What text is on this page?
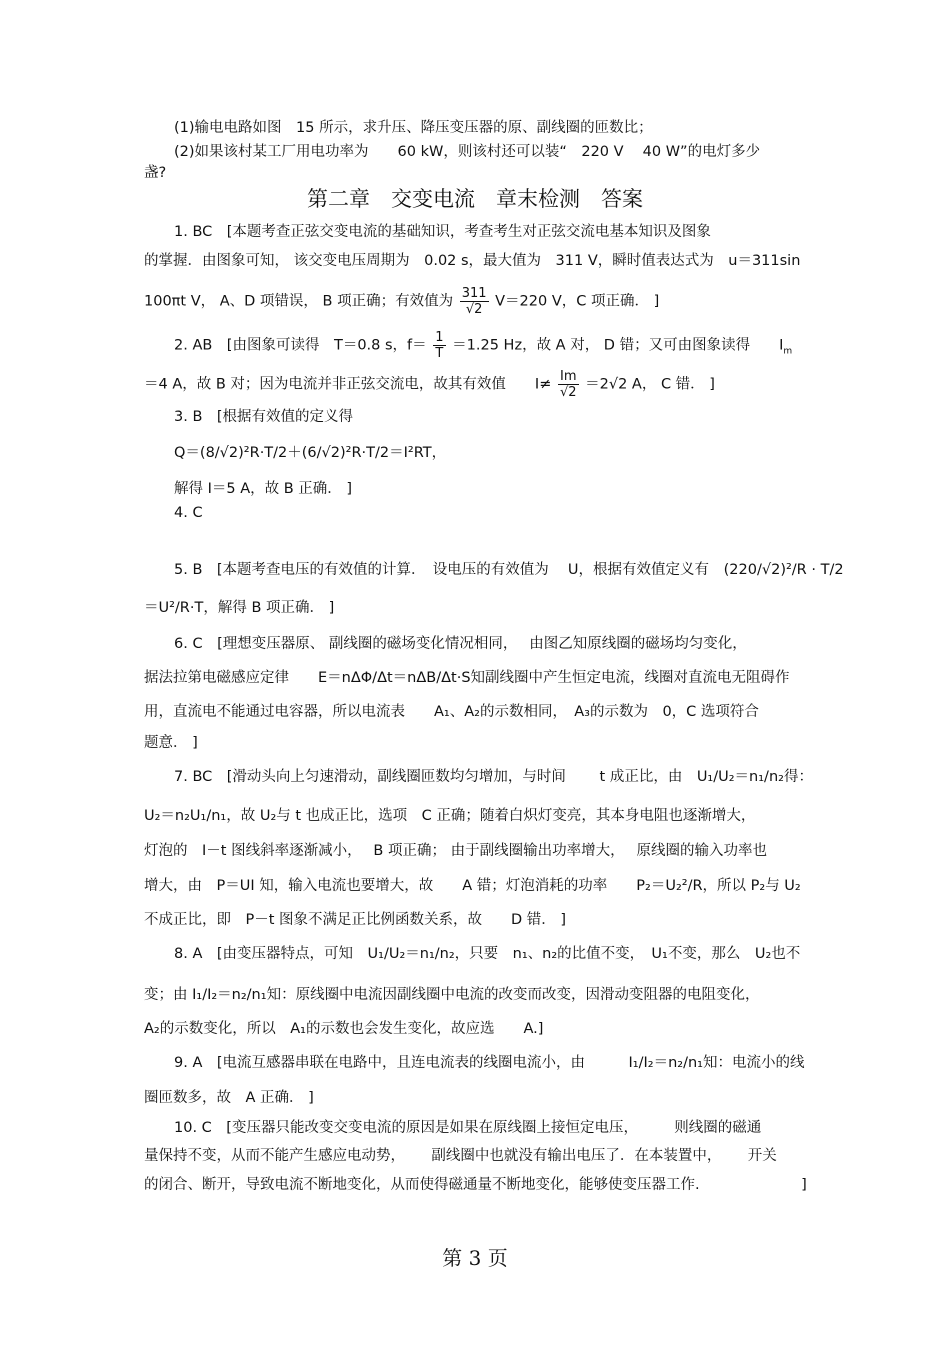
(1)输电电路如图　15 所示，求升压、降压变压器的原、副线圈的匝数比；
(2)如果该村某工厂用电功率为　　60 kW，则该村还可以装“　220 V　 40 W”的电灯多少
盏?
第二章　交变电流　章末检测　答案
1. BC　[本题考查正弦交变电流的基础知识，考查考生对正弦交流电基本知识及图象
的掌握．由图象可知， 该交变电压周期为　0.02 s，最大值为　311 V，瞬时值表达式为　u＝311sin
100πt V， A、D 项错误， B 项正确；有效值为 $\frac{311}{√2} V=220$ V，C 项正确． ]
2. AB　[由图象可读得　T＝0.8 s，$f= \frac{1}{T} =1.25$ Hz，故 A 对， D 错；又可由图象读得　　$I_m$
＝4 A，故 B 对；因为电流并非正弦交流电，故其有效值　　$I\ne \frac{Im}{√2} =2√2$ A， C 错． ]
3. B　[根据有效值的定义得
Q＝(8/√2)²R·T/2＋(6/√2)²R·T/2＝I²RT，
解得 I＝5 A，故 B 正确． ]
4. C
5. B　[本题考查电压的有效值的计算．　设电压的有效值为　 U，根据有效值定义有 (220/√2)²/R · T/2
＝U²/R·T，解得 B 项正确． ]
6. C　[理想变压器原、 副线圈的磁场变化情况相同，　 由图乙知原线圈的磁场均匀变化，
据法拉第电磁感应定律　　E＝nΔΦ/Δt＝nΔB/Δt·S知副线圈中产生恒定电流，线圈对直流电无阻碍作
用，直流电不能通过电容器，所以电流表　　A₁、A₂的示数相同，　A₃的示数为　0，C 选项符合
题意． ]
7. BC　[滑动头向上匀速滑动，副线圈匝数均匀增加，与时间　　 t 成正比，由　U₁/U₂＝n₁/n₂得：
U₂＝n₂U₁/n₁，故 U₂与 t 也成正比，选项　C 正确；随着白炽灯变亮，其本身电阻也逐渐增大，
灯泡的　I－t 图线斜率逐渐减小，　 B 项正确； 由于副线圈输出功率增大，　 原线圈的输入功率也
增大，由　P＝UI 知，输入电流也要增大，故　　A 错；灯泡消耗的功率　　P₂＝U₂²/R，所以 P₂与 U₂
不成正比，即　P－t 图象不满足正比例函数关系，故　　D 错． ]
8. A　[由变压器特点，可知　U₁/U₂＝n₁/n₂，只要　n₁、n₂的比值不变，　U₁不变，那么　U₂也不
变；由 I₁/I₂＝n₂/n₁知：原线圈中电流因副线圈中电流的改变而改变，因滑动变阻器的电阻变化，
A₂的示数变化，所以　A₁的示数也会发生变化，故应选　　A.]
9. A　[电流互感器串联在电路中，且连电流表的线圈电流小，由　　　I₁/I₂＝n₂/n₁知：电流小的线
圈匝数多，故　A 正确． ]
10. C　[变压器只能改变交变电流的原因是如果在原线圈上接恒定电压，　　　则线圈的磁通
量保持不变，从而不能产生感应电动势，　　 副线圈中也就没有输出电压了．在本装置中，　　 开关
的闭合、断开，导致电流不断地变化，从而使得磁通量不断地变化，能够使变压器工作.　　　　　　　]
第 3 页
